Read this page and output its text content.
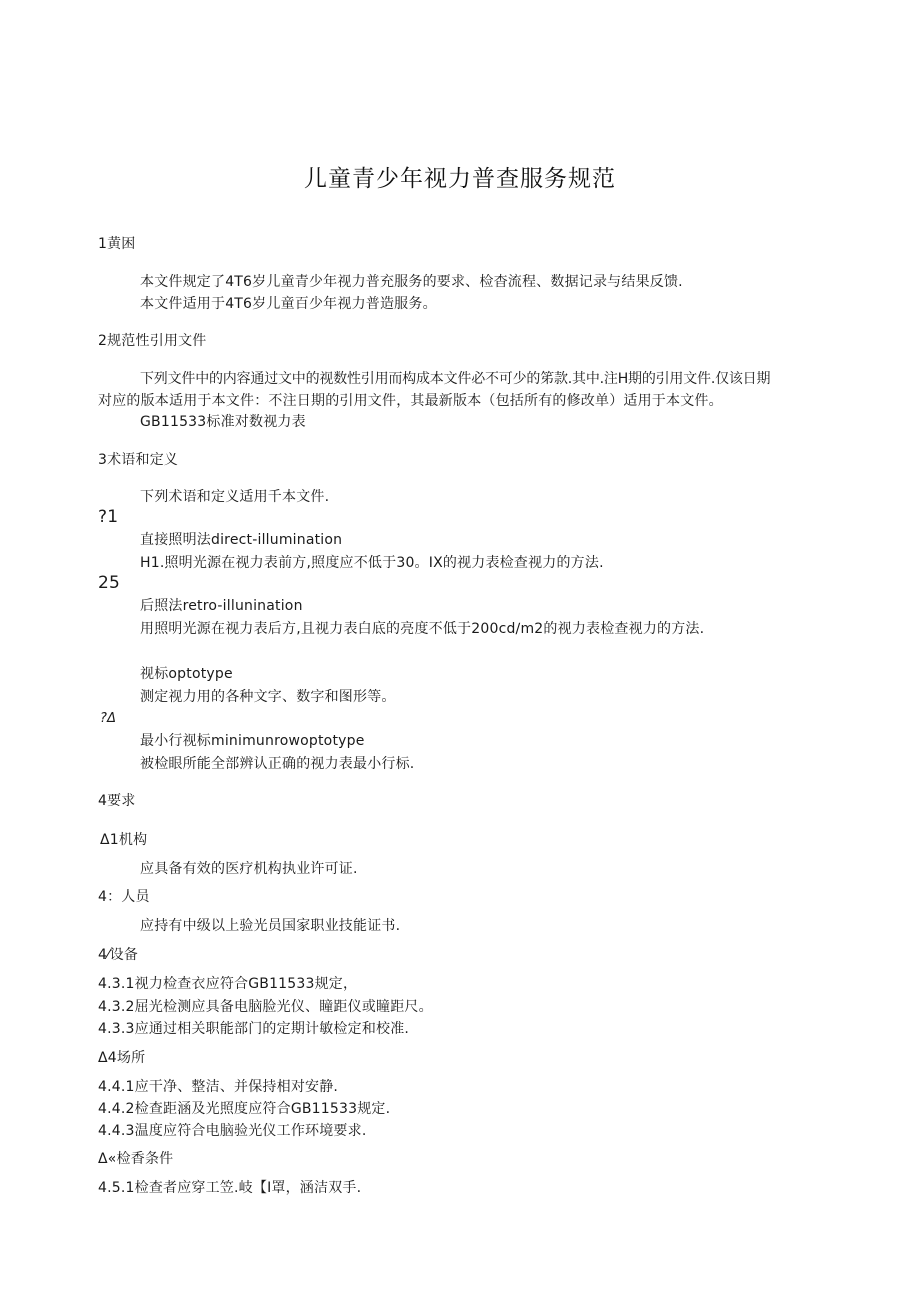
儿童青少年视力普查服务规范
1黄困
本文件规定了4T6岁儿童青少年视力普充服务的要求、检杳流程、数据记录与结果反馈.
本文件适用于4T6岁儿童百少年视力普造服务。
2规范性引用文件
下列文件中的内容通过文中的视数性引用而构成本文件必不可少的笫款.其中.注H期的引用文件.仅该日期
对应的版本适用于本文件：不注日期的引用文件，其最新版本（包括所有的修改单）适用于本文件。
GB11533标准对数视力表
3术语和定义
下列术语和定义适用千本文件.
?1
直接照明法direct-illumination
H1.照明光源在视力表前方,照度应不低于30。IX的视力表检查视力的方法.
25
后照法retro-illunination
用照明光源在视力表后方,且视力表白底的亮度不低于200cd∕m2的视力表检查视力的方法.
视标optotype
测定视力用的各种文字、数字和图形等。
?Δ
最小行视标minimunrowoptotype
被检眼所能全部辨认正确的视力表最小行标.
4要求
Δ1机构
应具备有效的医疗机构执业许可证.
4：人员
应持有中级以上验光员国家职业技能证书.
4⁄设备
4.3.1视力检查衣应符合GB11533规定，
4.3.2屈光检测应具备电脑脸光仪、瞳距仪或瞳距尺。
4.3.3应通过相关职能部门的定期计敏检定和校准.
Δ4场所
4.4.1应干净、整洁、并保持相对安静.
4.4.2检查距涵及光照度应符合GB11533规定.
4.4.3温度应符合电脑验光仪工作环境要求.
Δ«检香条件
4.5.1检查者应穿工笠.岐【I罩，涵洁双手.
